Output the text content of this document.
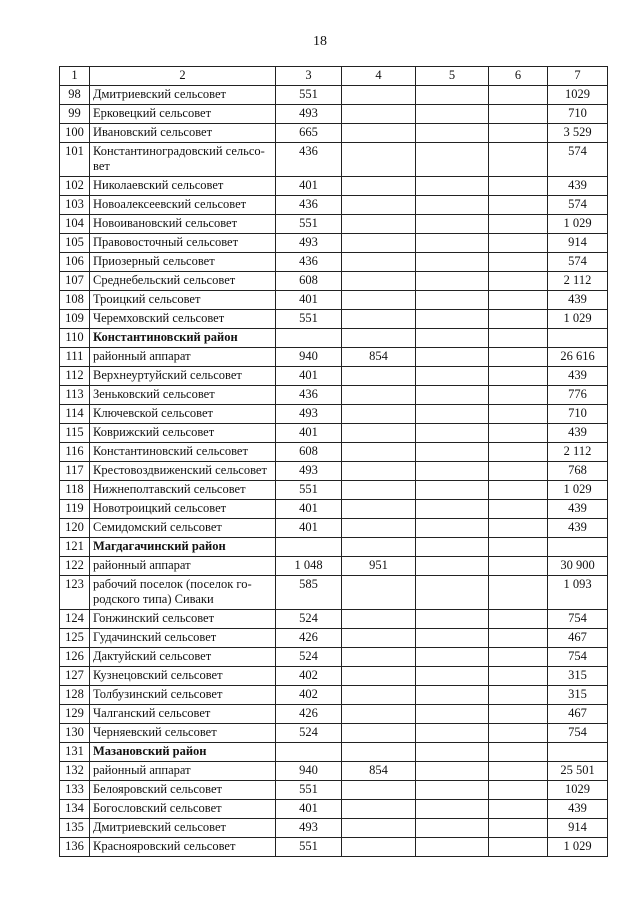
18
1	2	3	4	5	6	7
98	Дмитриевский сельсовет	551				1029
99	Ерковецкий сельсовет	493				710
100	Ивановский сельсовет	665				3 529
101	Константиноградовский сельсо-вет	436				574
102	Николаевский сельсовет	401				439
103	Новоалексеевский сельсовет	436				574
104	Новоивановский сельсовет	551				1 029
105	Правовосточный сельсовет	493				914
106	Приозерный сельсовет	436				574
107	Среднебельский сельсовет	608				2 112
108	Троицкий сельсовет	401				439
109	Черемховский сельсовет	551				1 029
110	Константиновский район					
111	районный аппарат	940	854			26 616
112	Верхнеуртуйский сельсовет	401				439
113	Зеньковский сельсовет	436				776
114	Ключевской сельсовет	493				710
115	Коврижский сельсовет	401				439
116	Константиновский сельсовет	608				2 112
117	Крестовоздвиженский сельсовет	493				768
118	Нижнеполтавский сельсовет	551				1 029
119	Новотроицкий сельсовет	401				439
120	Семидомский сельсовет	401				439
121	Магдагачинский район					
122	районный аппарат	1 048	951			30 900
123	рабочий поселок (поселок го-родского типа) Сиваки	585				1 093
124	Гонжинский сельсовет	524				754
125	Гудачинский сельсовет	426				467
126	Дактуйский сельсовет	524				754
127	Кузнецовский сельсовет	402				315
128	Толбузинский сельсовет	402				315
129	Чалганский сельсовет	426				467
130	Черняевский сельсовет	524				754
131	Мазановский район					
132	районный аппарат	940	854			25 501
133	Белояровский сельсовет	551				1029
134	Богословский сельсовет	401				439
135	Дмитриевский сельсовет	493				914
136	Краснояровский сельсовет	551				1 029
